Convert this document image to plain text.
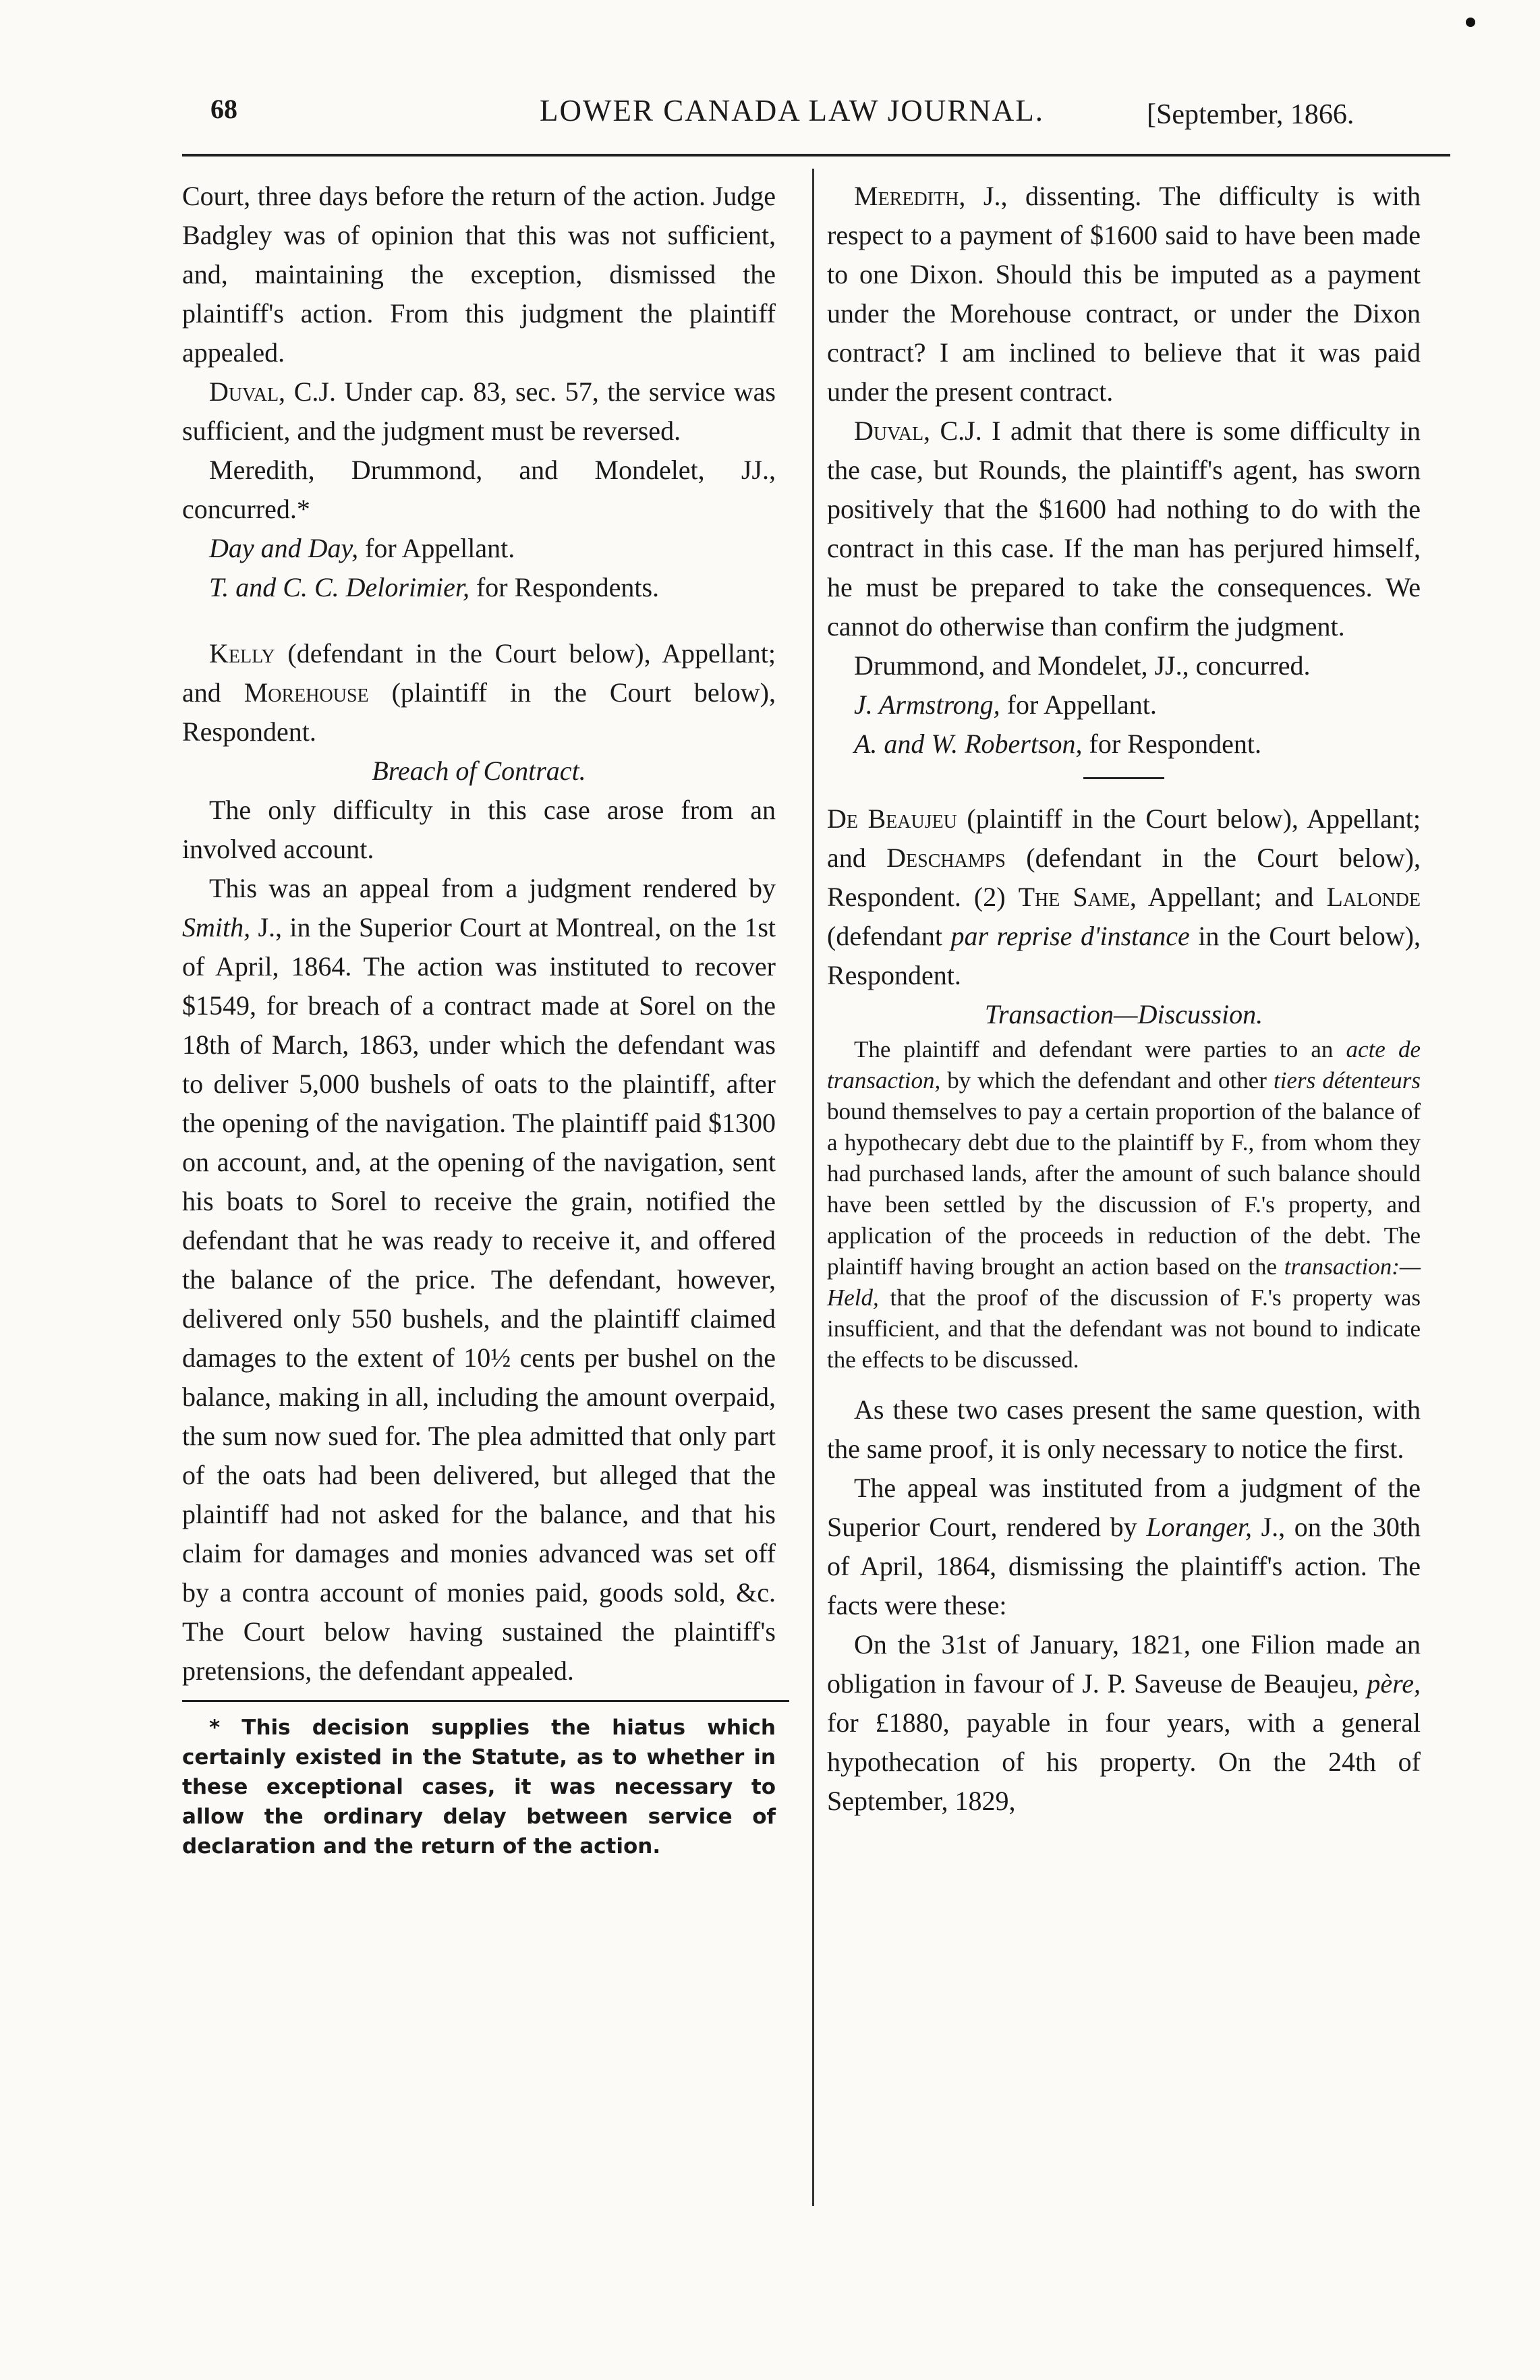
68	LOWER CANADA LAW JOURNAL.	[September, 1866.

Court, three days before the return of the action. Judge Badgley was of opinion that this was not sufficient, and, maintaining the exception, dismissed the plaintiff's action. From this judgment the plaintiff appealed.

Duval, C.J. Under cap. 83, sec. 57, the service was sufficient, and the judgment must be reversed.

Meredith, Drummond, and Mondelet, JJ., concurred.*

Day and Day, for Appellant.

T. and C. C. Delorimier, for Respondents.

Kelly (defendant in the Court below), Appellant; and Morehouse (plaintiff in the Court below), Respondent.

Breach of Contract.

The only difficulty in this case arose from an involved account.

This was an appeal from a judgment rendered by Smith, J., in the Superior Court at Montreal, on the 1st of April, 1864. The action was instituted to recover $1549, for breach of a contract made at Sorel on the 18th of March, 1863, under which the defendant was to deliver 5,000 bushels of oats to the plaintiff, after the opening of the navigation. The plaintiff paid $1300 on account, and, at the opening of the navigation, sent his boats to Sorel to receive the grain, notified the defendant that he was ready to receive it, and offered the balance of the price. The defendant, however, delivered only 550 bushels, and the plaintiff claimed damages to the extent of 10½ cents per bushel on the balance, making in all, including the amount overpaid, the sum now sued for. The plea admitted that only part of the oats had been delivered, but alleged that the plaintiff had not asked for the balance, and that his claim for damages and monies advanced was set off by a contra account of monies paid, goods sold, &c. The Court below having sustained the plaintiff's pretensions, the defendant appealed.

* This decision supplies the hiatus which certainly existed in the Statute, as to whether in these exceptional cases, it was necessary to allow the ordinary delay between service of declaration and the return of the action.

Meredith, J., dissenting. The difficulty is with respect to a payment of $1600 said to have been made to one Dixon. Should this be imputed as a payment under the Morehouse contract, or under the Dixon contract? I am inclined to believe that it was paid under the present contract.

Duval, C.J. I admit that there is some difficulty in the case, but Rounds, the plaintiff's agent, has sworn positively that the $1600 had nothing to do with the contract in this case. If the man has perjured himself, he must be prepared to take the consequences. We cannot do otherwise than confirm the judgment.

Drummond, and Mondelet, JJ., concurred.

J. Armstrong, for Appellant.

A. and W. Robertson, for Respondent.

De Beaujeu (plaintiff in the Court below), Appellant; and Deschamps (defendant in the Court below), Respondent. (2) The Same, Appellant; and Lalonde (defendant par reprise d'instance in the Court below), Respondent.

Transaction—Discussion.

The plaintiff and defendant were parties to an acte de transaction, by which the defendant and other tiers détenteurs bound themselves to pay a certain proportion of the balance of a hypothecary debt due to the plaintiff by F., from whom they had purchased lands, after the amount of such balance should have been settled by the discussion of F.'s property, and application of the proceeds in reduction of the debt. The plaintiff having brought an action based on the transaction:— Held, that the proof of the discussion of F.'s property was insufficient, and that the defendant was not bound to indicate the effects to be discussed.

As these two cases present the same question, with the same proof, it is only necessary to notice the first.

The appeal was instituted from a judgment of the Superior Court, rendered by Loranger, J., on the 30th of April, 1864, dismissing the plaintiff's action. The facts were these:

On the 31st of January, 1821, one Filion made an obligation in favour of J. P. Saveuse de Beaujeu, père, for £1880, payable in four years, with a general hypothecation of his property. On the 24th of September, 1829,
